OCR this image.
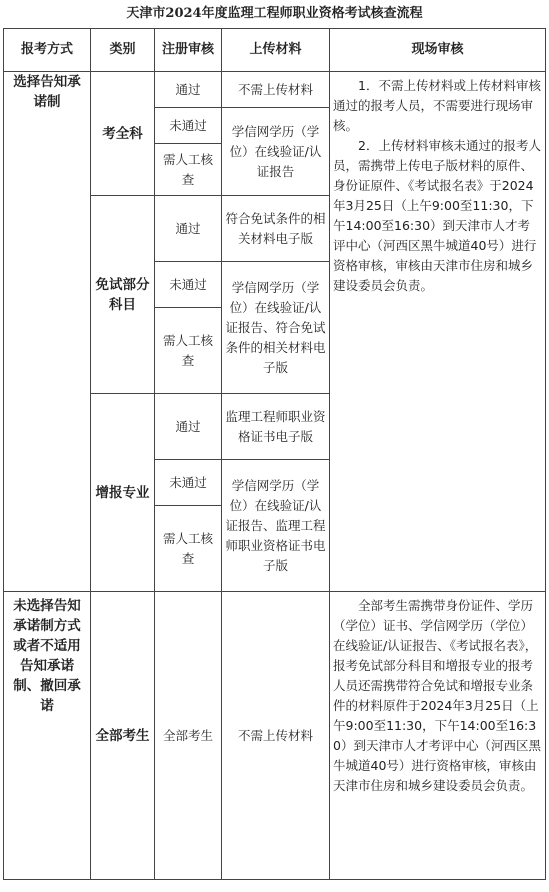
天津市2024年度监理工程师职业资格考试核查流程
报考方式	类别	注册审核	上传材料	现场审核
选择告知承诺制	考全科	通过	不需上传材料	1．不需上传材料或上传材料审核通过的报考人员，不需要进行现场审核。

2．上传材料审核未通过的报考人员，需携带上传电子版材料的原件、身份证原件、《考试报名表》于2024年3月25日（上午9:00至11:30，下午14:00至16:30）到天津市人才考评中心（河西区黑牛城道40号）进行资格审核，审核由天津市住房和城乡建设委员会负责。

		未通过	学信网学历（学位）在线验证/认证报告	
		需人工核查		
	免试部分科目	通过	符合免试条件的相关材料电子版	
		未通过	学信网学历（学位）在线验证/认证报告、符合免试条件的相关材料电子版	
		需人工核查		
	增报专业	通过	监理工程师职业资格证书电子版	
		未通过	学信网学历（学位）在线验证/认证报告、监理工程师职业资格证书电子版	
		需人工核查		
未选择告知承诺制方式或者不适用告知承诺制、撤回承诺	全部考生	全部考生	不需上传材料	全部考生需携带身份证件、学历（学位）证书、学信网学历（学位）在线验证/认证报告、《考试报名表》，报考免试部分科目和增报专业的报考人员还需携带符合免试和增报专业条件的材料原件于2024年3月25日（上午9:00至11:30，下午14:00至16:30）到天津市人才考评中心（河西区黑牛城道40号）进行资格审核，审核由天津市住房和城乡建设委员会负责。
